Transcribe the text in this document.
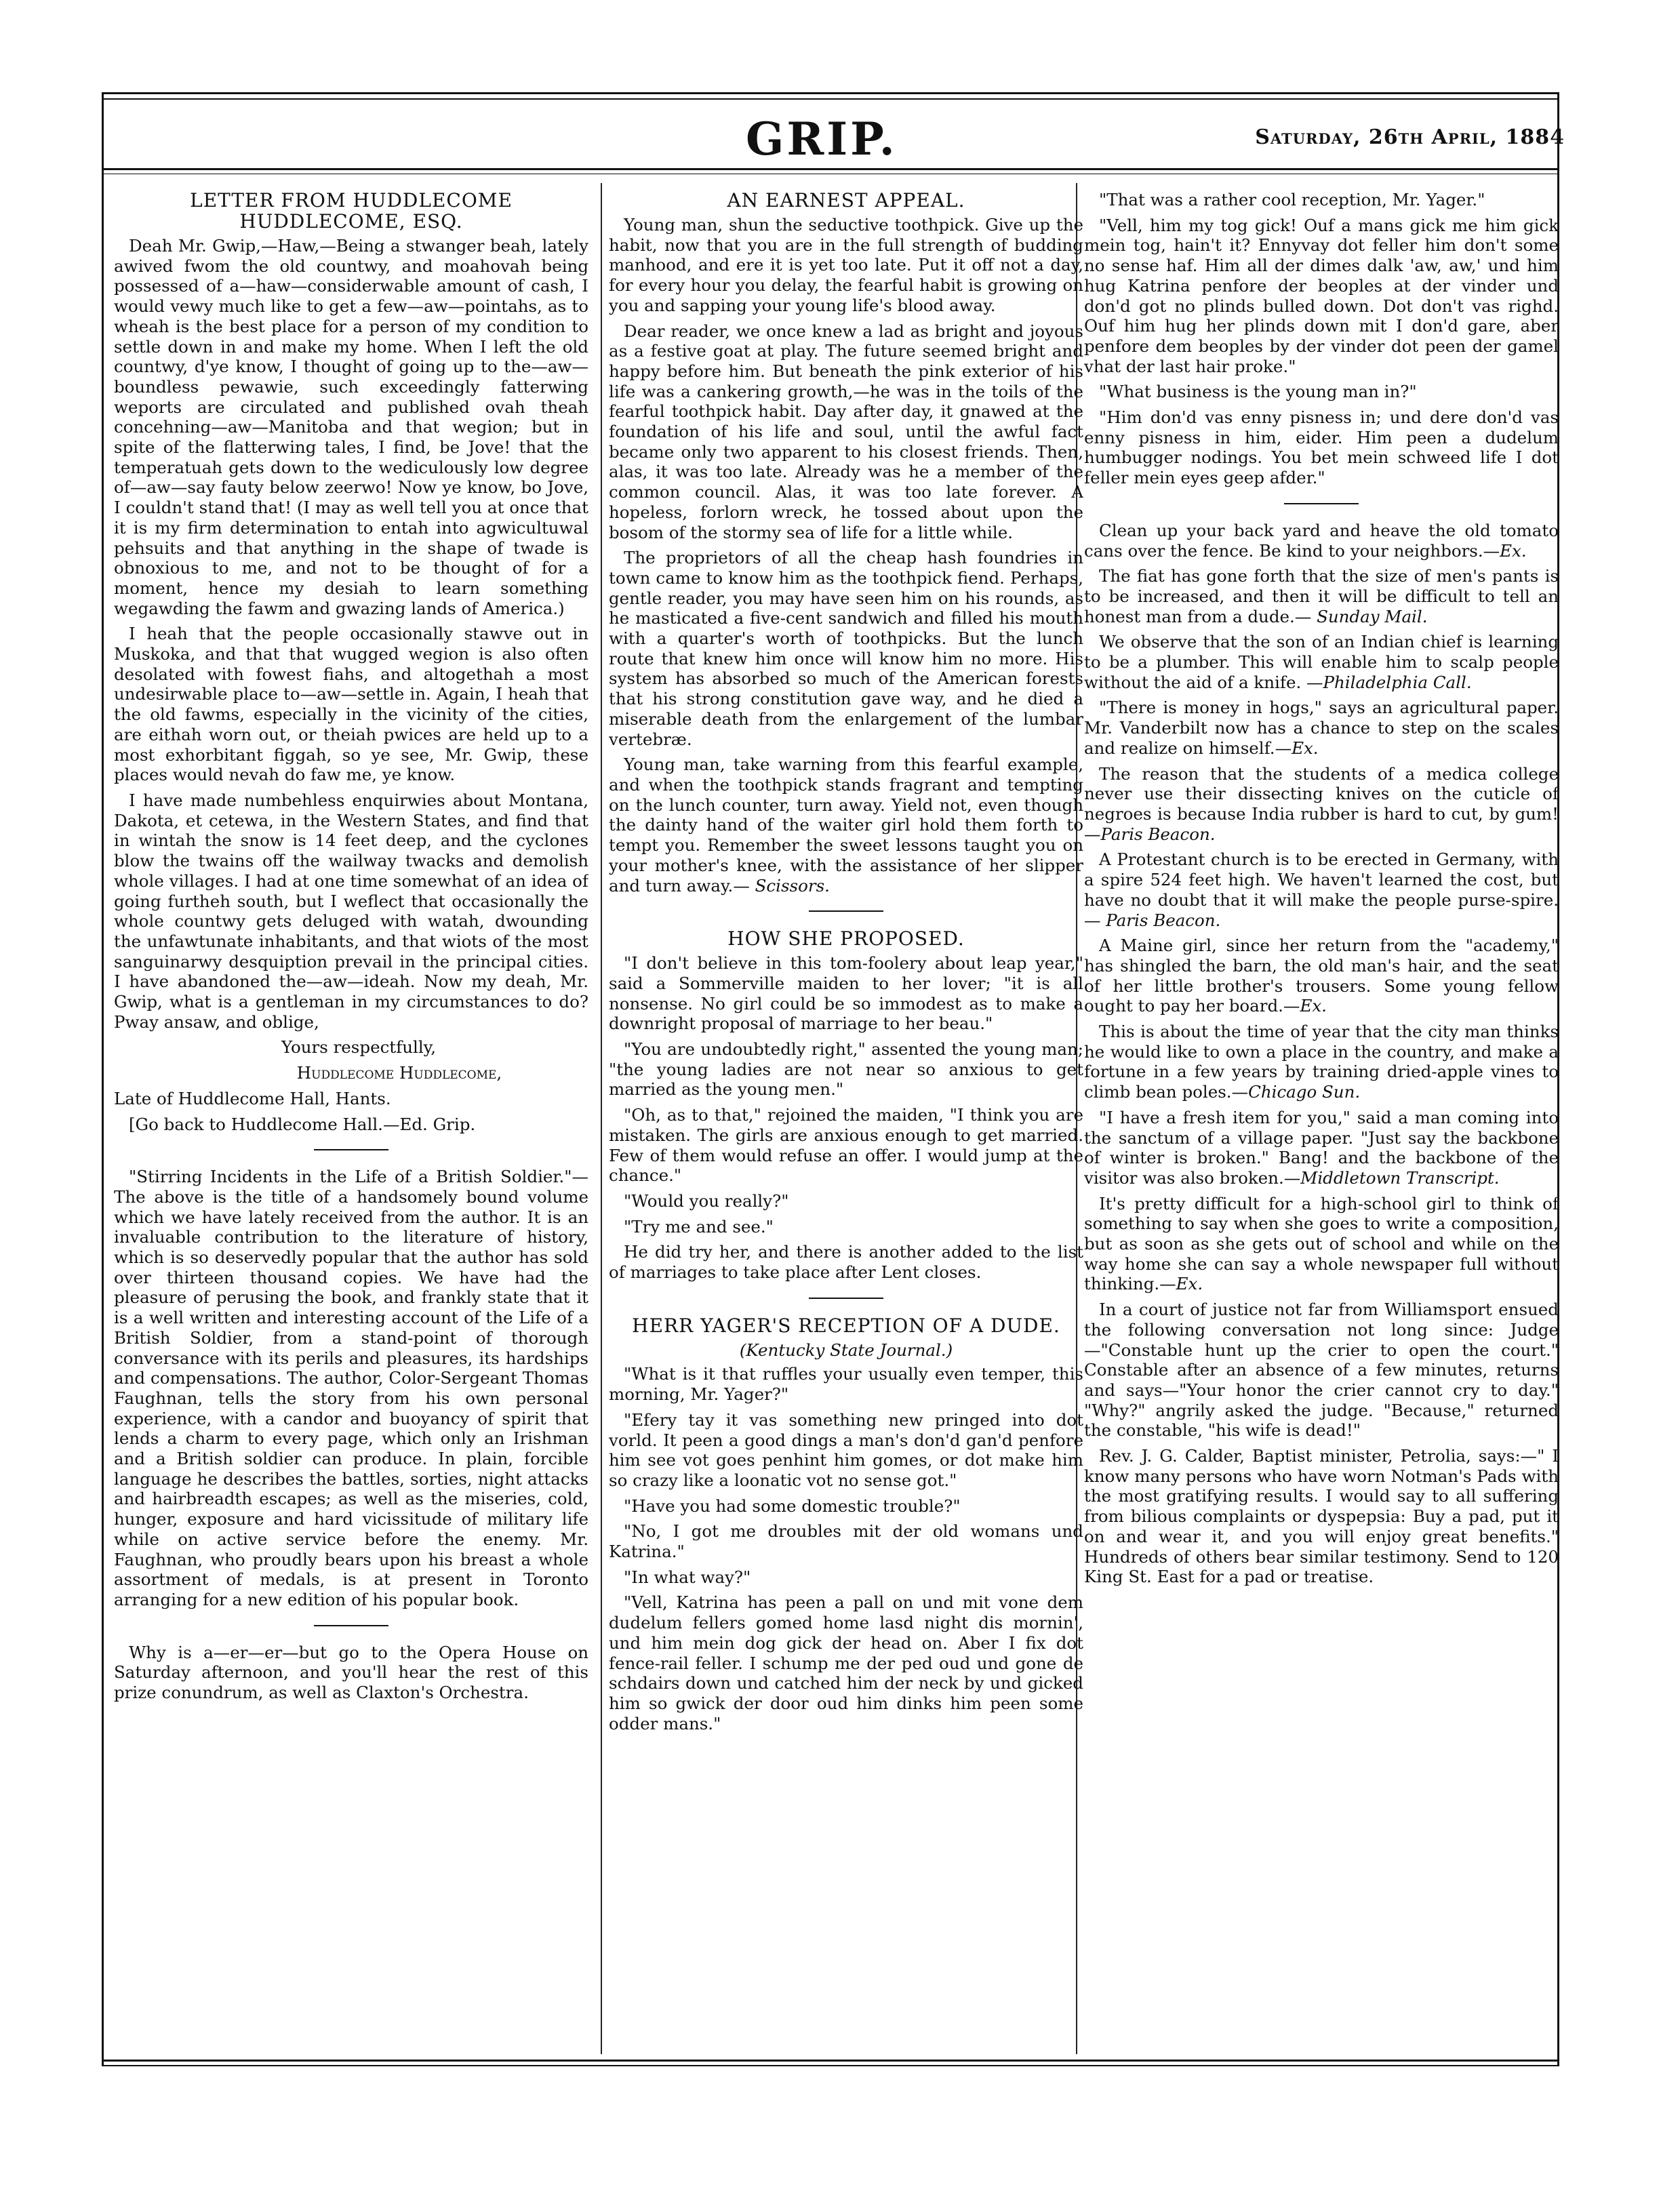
GRIP.	Saturday, 26th April, 1884
LETTER FROM HUDDLECOME HUDDLECOME, ESQ.

Deah Mr. Gwip,—Haw,—Being a stwanger beah, lately awived fwom the old countwy, and moahovah being possessed of a—haw—considerwable amount of cash, I would vewy much like to get a few—aw—pointahs, as to wheah is the best place for a person of my condition to settle down in and make my home. When I left the old countwy, d'ye know, I thought of going up to the—aw—boundless pewawie, such exceedingly fatterwing weports are circulated and published ovah theah concehning—aw—Manitoba and that wegion; but in spite of the flatterwing tales, I find, be Jove! that the temperatuah gets down to the wediculously low degree of—aw—say fauty below zeerwo! Now ye know, bo Jove, I couldn't stand that! (I may as well tell you at once that it is my firm determination to entah into agwicultuwal pehsuits and that anything in the shape of twade is obnoxious to me, and not to be thought of for a moment, hence my desiah to learn something wegawding the fawm and gwazing lands of America.)

I heah that the people occasionally stawve out in Muskoka, and that that wugged wegion is also often desolated with fowest fiahs, and altogethah a most undesirwable place to—aw—settle in. Again, I heah that the old fawms, especially in the vicinity of the cities, are eithah worn out, or theiah pwices are held up to a most exhorbitant figgah, so ye see, Mr. Gwip, these places would nevah do faw me, ye know.

I have made numbehless enquirwies about Montana, Dakota, et cetewa, in the Western States, and find that in wintah the snow is 14 feet deep, and the cyclones blow the twains off the wailway twacks and demolish whole villages. I had at one time somewhat of an idea of going furtheh south, but I weflect that occasionally the whole countwy gets deluged with watah, dwounding the unfawtunate inhabitants, and that wiots of the most sanguinarwy desquiption prevail in the principal cities. I have abandoned the—aw—ideah. Now my deah, Mr. Gwip, what is a gentleman in my circumstances to do? Pway ansaw, and oblige,

Yours respectfully,

Huddlecome Huddlecome,

Late of Huddlecome Hall, Hants.

[Go back to Huddlecome Hall.—Ed. Grip.

"Stirring Incidents in the Life of a British Soldier."—The above is the title of a handsomely bound volume which we have lately received from the author. It is an invaluable contribution to the literature of history, which is so deservedly popular that the author has sold over thirteen thousand copies. We have had the pleasure of perusing the book, and frankly state that it is a well written and interesting account of the Life of a British Soldier, from a stand-point of thorough conversance with its perils and pleasures, its hardships and compensations. The author, Color-Sergeant Thomas Faughnan, tells the story from his own personal experience, with a candor and buoyancy of spirit that lends a charm to every page, which only an Irishman and a British soldier can produce. In plain, forcible language he describes the battles, sorties, night attacks and hairbreadth escapes; as well as the miseries, cold, hunger, exposure and hard vicissitude of military life while on active service before the enemy. Mr. Faughnan, who proudly bears upon his breast a whole assortment of medals, is at present in Toronto arranging for a new edition of his popular book.

Why is a—er—er—but go to the Opera House on Saturday afternoon, and you'll hear the rest of this prize conundrum, as well as Claxton's Orchestra.

AN EARNEST APPEAL.

Young man, shun the seductive toothpick. Give up the habit, now that you are in the full strength of budding manhood, and ere it is yet too late. Put it off not a day, for every hour you delay, the fearful habit is growing on you and sapping your young life's blood away.

Dear reader, we once knew a lad as bright and joyous as a festive goat at play. The future seemed bright and happy before him. But beneath the pink exterior of his life was a cankering growth,—he was in the toils of the fearful toothpick habit. Day after day, it gnawed at the foundation of his life and soul, until the awful fact became only two apparent to his closest friends. Then, alas, it was too late. Already was he a member of the common council. Alas, it was too late forever. A hopeless, forlorn wreck, he tossed about upon the bosom of the stormy sea of life for a little while.

The proprietors of all the cheap hash foundries in town came to know him as the toothpick fiend. Perhaps, gentle reader, you may have seen him on his rounds, as he masticated a five-cent sandwich and filled his mouth with a quarter's worth of toothpicks. But the lunch route that knew him once will know him no more. His system has absorbed so much of the American forests that his strong constitution gave way, and he died a miserable death from the enlargement of the lumbar vertebræ.

Young man, take warning from this fearful example, and when the toothpick stands fragrant and tempting on the lunch counter, turn away. Yield not, even though the dainty hand of the waiter girl hold them forth to tempt you. Remember the sweet lessons taught you on your mother's knee, with the assistance of her slipper and turn away.— Scissors.

HOW SHE PROPOSED.

"I don't believe in this tom-foolery about leap year," said a Sommerville maiden to her lover; "it is all nonsense. No girl could be so immodest as to make a downright proposal of marriage to her beau."

"You are undoubtedly right," assented the young man; "the young ladies are not near so anxious to get married as the young men."

"Oh, as to that," rejoined the maiden, "I think you are mistaken. The girls are anxious enough to get married. Few of them would refuse an offer. I would jump at the chance."

"Would you really?"

"Try me and see."

He did try her, and there is another added to the list of marriages to take place after Lent closes.

HERR YAGER'S RECEPTION OF A DUDE.
(Kentucky State Journal.)

"What is it that ruffles your usually even temper, this morning, Mr. Yager?"

"Efery tay it vas something new pringed into dot vorld. It peen a good dings a man's don'd gan'd penfore him see vot goes penhint him gomes, or dot make him so crazy like a loonatic vot no sense got."

"Have you had some domestic trouble?"

"No, I got me droubles mit der old womans und Katrina."

"In what way?"

"Vell, Katrina has peen a pall on und mit vone dem dudelum fellers gomed home lasd night dis mornin', und him mein dog gick der head on. Aber I fix dot fence-rail feller. I schump me der ped oud und gone de schdairs down und catched him der neck by und gicked him so gwick der door oud him dinks him peen some odder mans."

"That was a rather cool reception, Mr. Yager."

"Vell, him my tog gick! Ouf a mans gick me him gick mein tog, hain't it? Ennyvay dot feller him don't some no sense haf. Him all der dimes dalk 'aw, aw,' und him hug Katrina penfore der beoples at der vinder und don'd got no plinds bulled down. Dot don't vas righd. Ouf him hug her plinds down mit I don'd gare, aber penfore dem beoples by der vinder dot peen der gamel vhat der last hair proke."

"What business is the young man in?"

"Him don'd vas enny pisness in; und dere don'd vas enny pisness in him, eider. Him peen a dudelum humbugger nodings. You bet mein schweed life I dot feller mein eyes geep afder."

Clean up your back yard and heave the old tomato cans over the fence. Be kind to your neighbors.—Ex.

The fiat has gone forth that the size of men's pants is to be increased, and then it will be difficult to tell an honest man from a dude.— Sunday Mail.

We observe that the son of an Indian chief is learning to be a plumber. This will enable him to scalp people without the aid of a knife. —Philadelphia Call.

"There is money in hogs," says an agricultural paper. Mr. Vanderbilt now has a chance to step on the scales and realize on himself.—Ex.

The reason that the students of a medica college never use their dissecting knives on the cuticle of negroes is because India rubber is hard to cut, by gum!—Paris Beacon.

A Protestant church is to be erected in Germany, with a spire 524 feet high. We haven't learned the cost, but have no doubt that it will make the people purse-spire.— Paris Beacon.

A Maine girl, since her return from the "academy," has shingled the barn, the old man's hair, and the seat of her little brother's trousers. Some young fellow ought to pay her board.—Ex.

This is about the time of year that the city man thinks he would like to own a place in the country, and make a fortune in a few years by training dried-apple vines to climb bean poles.—Chicago Sun.

"I have a fresh item for you," said a man coming into the sanctum of a village paper. "Just say the backbone of winter is broken." Bang! and the backbone of the visitor was also broken.—Middletown Transcript.

It's pretty difficult for a high-school girl to think of something to say when she goes to write a composition, but as soon as she gets out of school and while on the way home she can say a whole newspaper full without thinking.—Ex.

In a court of justice not far from Williamsport ensued the following conversation not long since: Judge—"Constable hunt up the crier to open the court." Constable after an absence of a few minutes, returns and says—"Your honor the crier cannot cry to day." "Why?" angrily asked the judge. "Because," returned the constable, "his wife is dead!"

Rev. J. G. Calder, Baptist minister, Petrolia, says:—" I know many persons who have worn Notman's Pads with the most gratifying results. I would say to all suffering from bilious complaints or dyspepsia: Buy a pad, put it on and wear it, and you will enjoy great benefits." Hundreds of others bear similar testimony. Send to 120 King St. East for a pad or treatise.
